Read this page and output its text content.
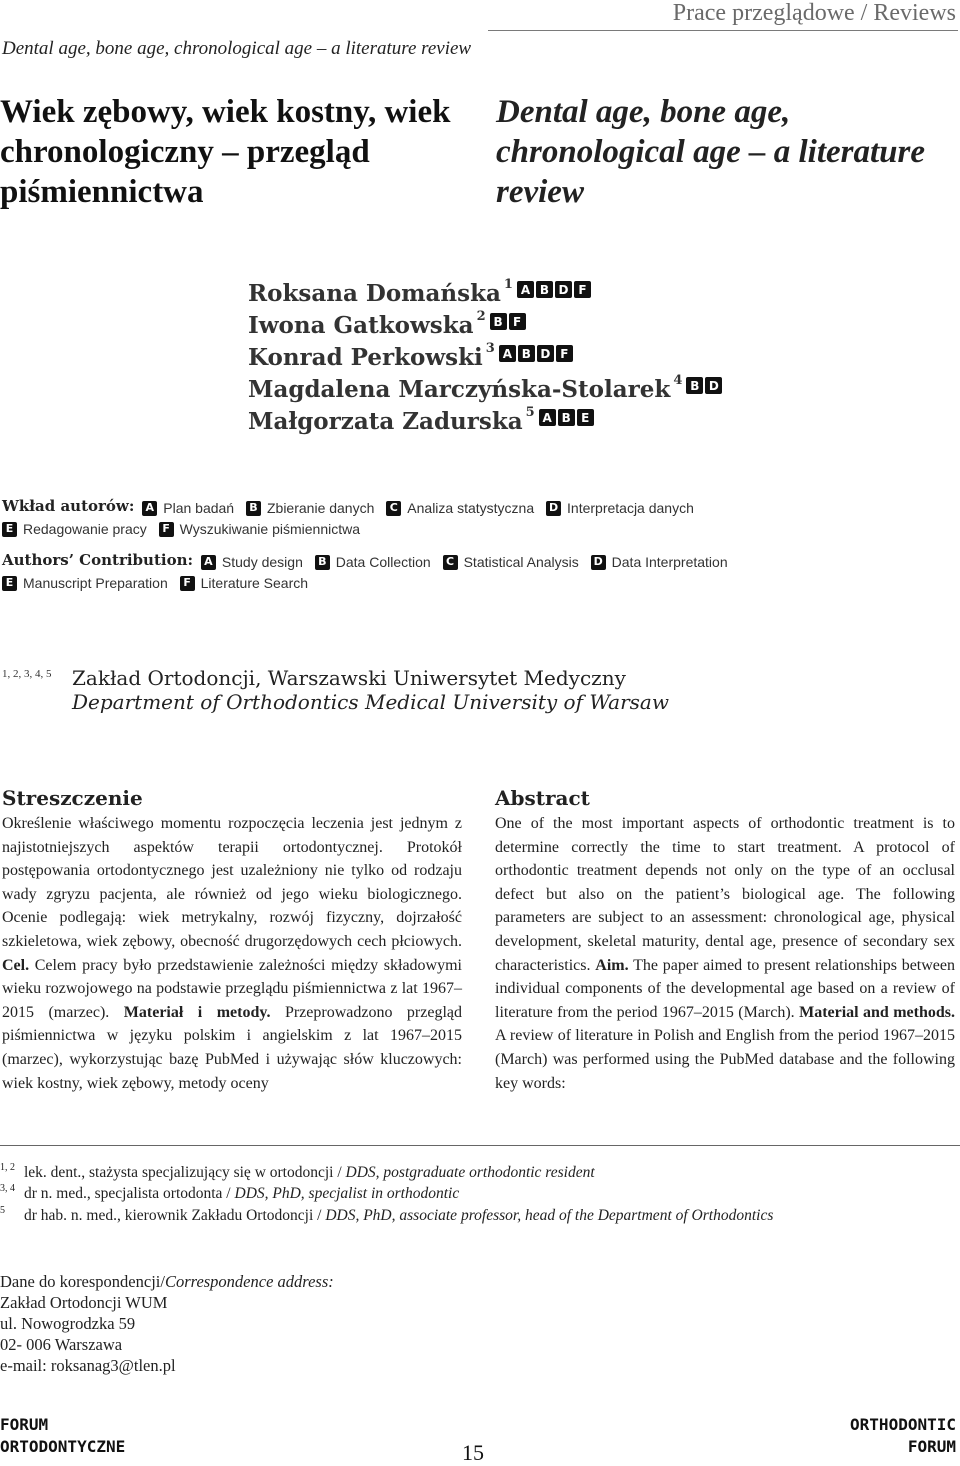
Prace przeglądowe / Reviews
Dental age, bone age, chronological age – a literature review
Wiek zębowy, wiek kostny, wiek chronologiczny – przegląd piśmiennictwa
Dental age, bone age, chronological age – a literature review
Roksana Domańska$^1$ A B D F
Iwona Gatkowska$^2$ B F
Konrad Perkowski$^3$ A B D F
Magdalena Marczyńska-Stolarek$^4$ B D
Małgorzata Zadurska$^5$ A B E
Wkład autorów: A Plan badań
B Zbieranie danych
	C Analiza statystyczna
D Interpretacja danych
E Redagowanie pracy
	F Wyszukiwanie piśmiennictwa
Authors’ Contribution: A Study design
B Data Collection
	C Statistical Analysis
D Data Interpretation
E Manuscript Preparation
	F Literature Search
1, 2, 3, 4, 5 Zakład Ortodoncji, Warszawski Uniwersytet Medyczny
Department of Orthodontics Medical University of Warsaw
Streszczenie
Określenie właściwego momentu rozpoczęcia leczenia jest jednym z najistotniejszych aspektów terapii ortodontycznej. Protokół postępowania ortodontycznego jest uzależniony nie tylko od rodzaju wady zgryzu pacjenta, ale również od jego wieku biologicznego. Ocenie podlegają: wiek metrykalny, rozwój fizyczny, dojrzałość szkieletowa, wiek zębowy, obecność drugorzędowych cech płciowych. Cel. Celem pracy było przedstawienie zależności między składowymi wieku rozwojowego na podstawie przeglądu piśmiennictwa z lat 1967–2015 (marzec). Materiał i metody. Przeprowadzono przegląd piśmiennictwa w języku polskim i angielskim z lat 1967–2015 (marzec), wykorzystując bazę PubMed i używając słów kluczowych: wiek kostny, wiek zębowy, metody oceny
Abstract
One of the most important aspects of orthodontic treatment is to determine correctly the time to start treatment. A protocol of orthodontic treatment depends not only on the type of an occlusal defect but also on the patient’s biological age. The following parameters are subject to an assessment: chronological age, physical development, skeletal maturity, dental age, presence of secondary sex characteristics. Aim. The paper aimed to present relationships between individual components of the developmental age based on a review of literature from the period 1967–2015 (March). Material and methods. A review of literature in Polish and English from the period 1967–2015 (March) was performed using the PubMed database and the following key words:
1, 2 lek. dent., stażysta specjalizujący się w ortodoncji / DDS, postgraduate orthodontic resident
3, 4 dr n. med., specjalista ortodonta / DDS, PhD, specjalist in orthodontic
5 dr hab. n. med., kierownik Zakładu Ortodoncji / DDS, PhD, associate professor, head of the Department of Orthodontics
Dane do korespondencji/Correspondence address:
Zakład Ortodoncji WUM
ul. Nowogrodzka 59
02- 006 Warszawa
e-mail: roksanag3@tlen.pl
FORUM
ORTODONTYCZNE	15
ORTHODONTIC
FORUM
